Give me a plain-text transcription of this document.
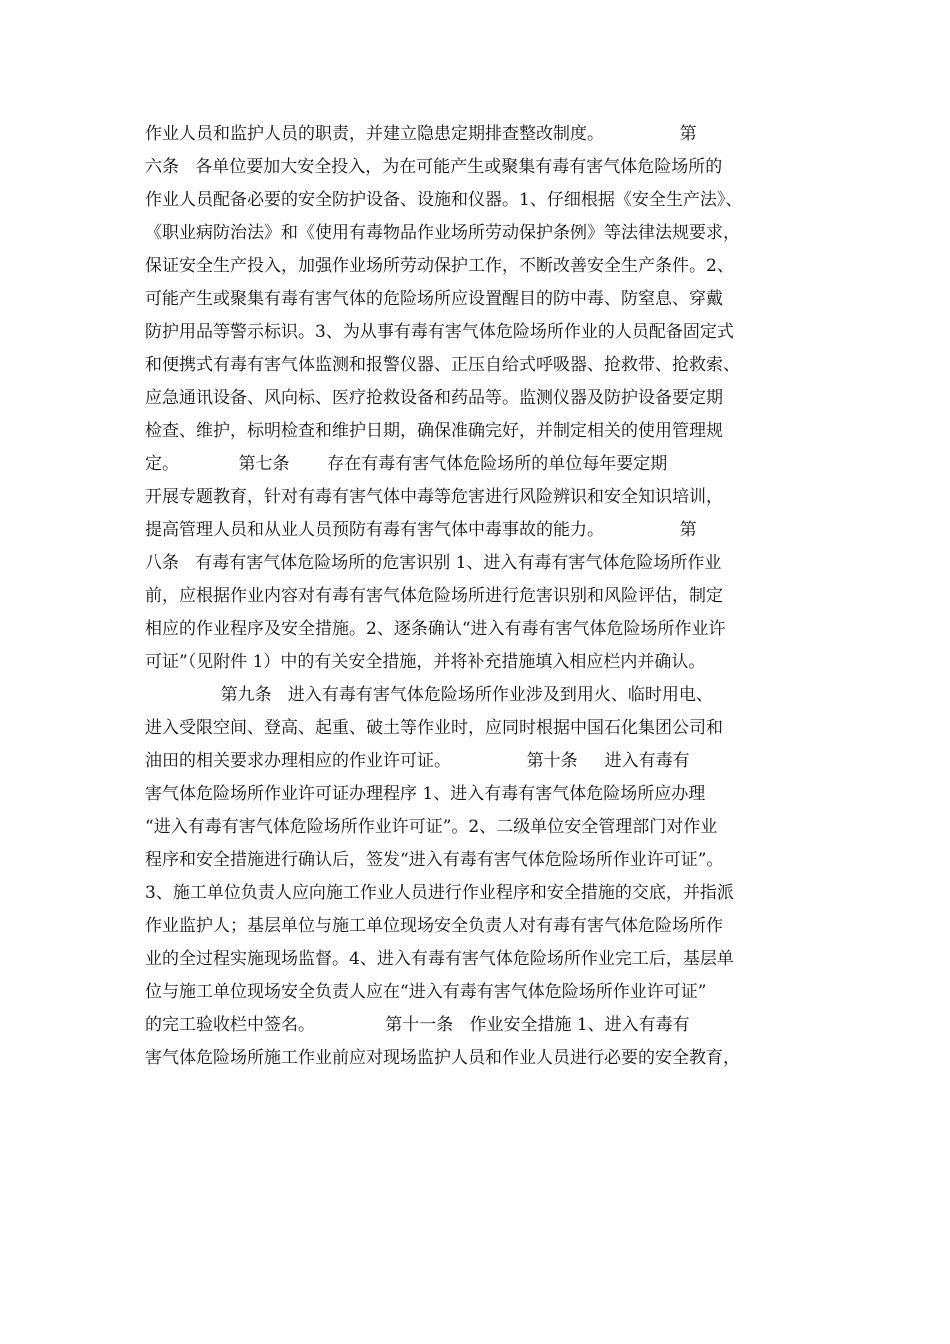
作业人员和监护人员的职责，并建立隐患定期排查整改制度。              第
六条   各单位要加大安全投入，为在可能产生或聚集有毒有害气体危险场所的
作业人员配备必要的安全防护设备、设施和仪器。1、仔细根据《安全生产法》、
《职业病防治法》和《使用有毒物品作业场所劳动保护条例》等法律法规要求，
保证安全生产投入，加强作业场所劳动保护工作，不断改善安全生产条件。2、
可能产生或聚集有毒有害气体的危险场所应设置醒目的防中毒、防窒息、穿戴
防护用品等警示标识。3、为从事有毒有害气体危险场所作业的人员配备固定式
和便携式有毒有害气体监测和报警仪器、正压自给式呼吸器、抢救带、抢救索、
应急通讯设备、风向标、医疗抢救设备和药品等。监测仪器及防护设备要定期
检查、维护，标明检查和维护日期，确保准确完好，并制定相关的使用管理规
定。           第七条       存在有毒有害气体危险场所的单位每年要定期
开展专题教育，针对有毒有害气体中毒等危害进行风险辨识和安全知识培训，
提高管理人员和从业人员预防有毒有害气体中毒事故的能力。              第
八条   有毒有害气体危险场所的危害识别 1、进入有毒有害气体危险场所作业
前，应根据作业内容对有毒有害气体危险场所进行危害识别和风险评估，制定
相应的作业程序及安全措施。2、逐条确认“进入有毒有害气体危险场所作业许
可证”（见附件 1）中的有关安全措施，并将补充措施填入相应栏内并确认。
第九条   进入有毒有害气体危险场所作业涉及到用火、临时用电、
进入受限空间、登高、起重、破土等作业时，应同时根据中国石化集团公司和
油田的相关要求办理相应的作业许可证。              第十条     进入有毒有
害气体危险场所作业许可证办理程序 1、进入有毒有害气体危险场所应办理
“进入有毒有害气体危险场所作业许可证”。2、二级单位安全管理部门对作业
程序和安全措施进行确认后，签发“进入有毒有害气体危险场所作业许可证”。
3、施工单位负责人应向施工作业人员进行作业程序和安全措施的交底，并指派
作业监护人；基层单位与施工单位现场安全负责人对有毒有害气体危险场所作
业的全过程实施现场监督。4、进入有毒有害气体危险场所作业完工后，基层单
位与施工单位现场安全负责人应在“进入有毒有害气体危险场所作业许可证”
的完工验收栏中签名。             第十一条   作业安全措施 1、进入有毒有
害气体危险场所施工作业前应对现场监护人员和作业人员进行必要的安全教育，
